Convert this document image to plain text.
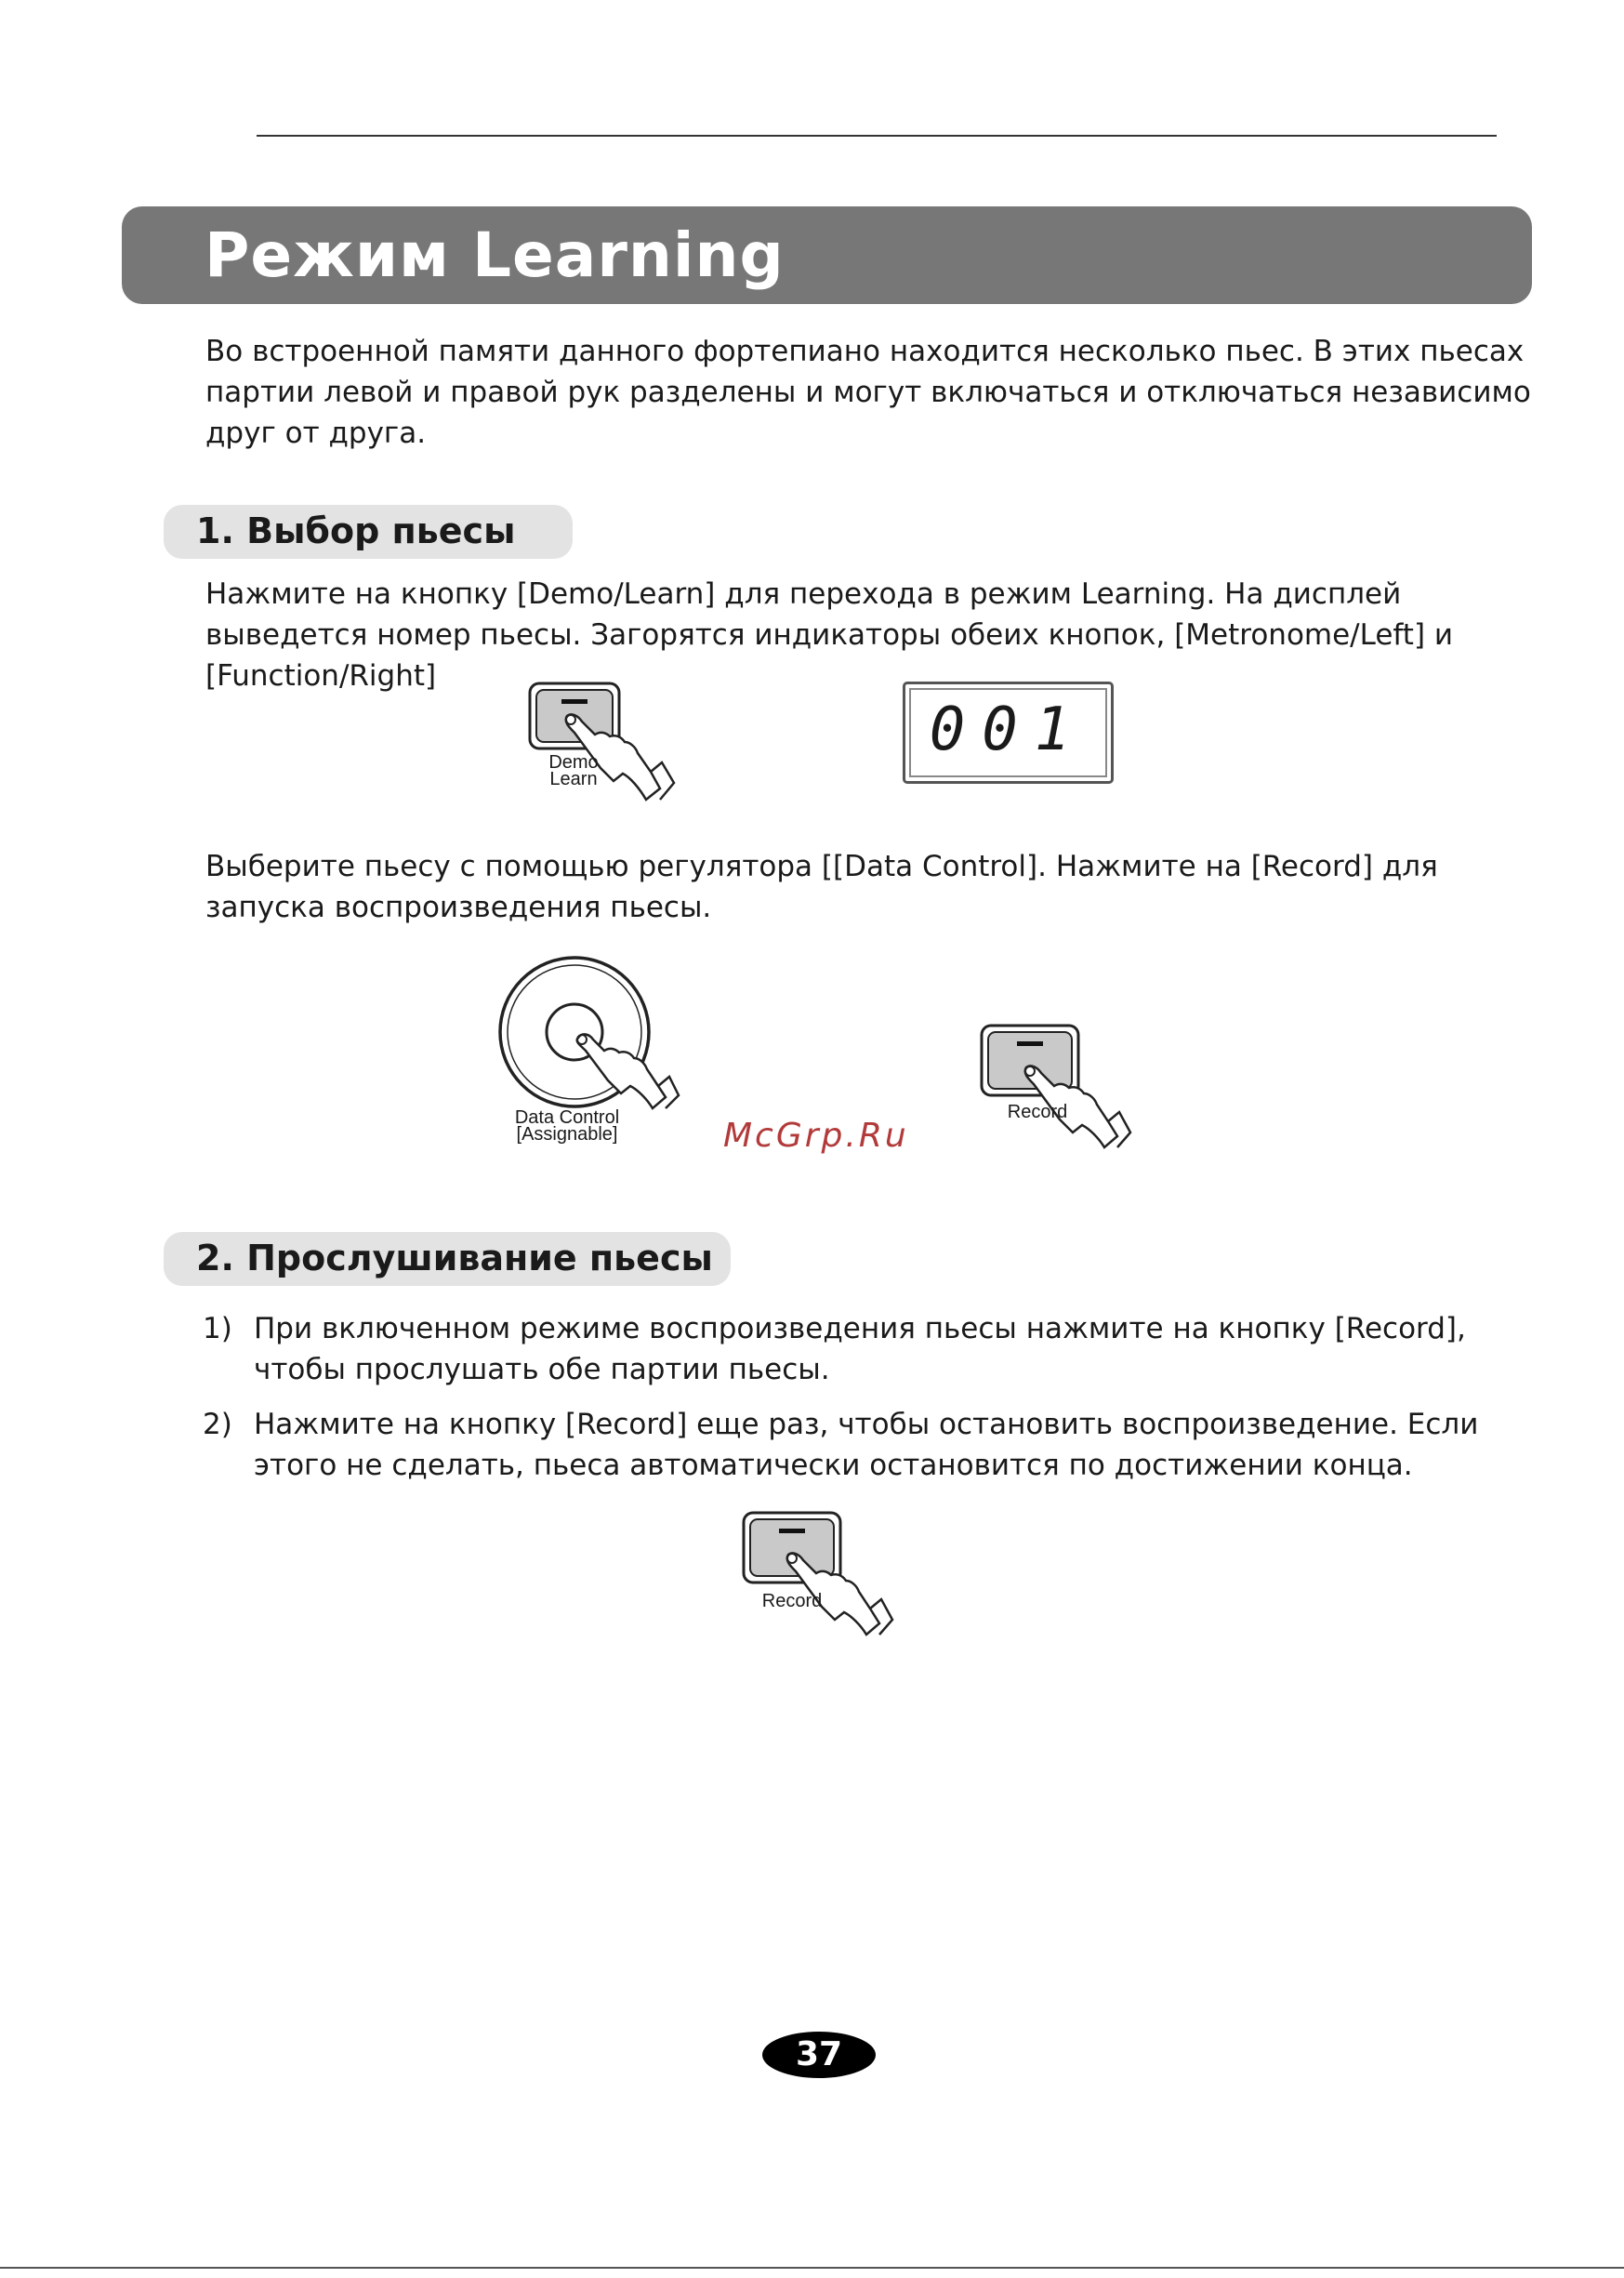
Режим Learning

Во встроенной памяти данного фортепиано находится несколько пьес. В этих пьесах партии левой и правой рук разделены и могут включаться и отключаться независимо друг от друга.

1. Выбор пьесы

Нажмите на кнопку [Demo/Learn] для перехода в режим Learning. На дисплей выведется номер пьесы. Загорятся индикаторы обеих кнопок, [Metronome/Left] и [Function/Right]

Demo
Learn
001

Выберите пьесу с помощью регулятора [[Data Control]. Нажмите на [Record] для запуска воспроизведения пьесы.

Data Control
[Assignable]
Record
McGrp.Ru
2. Прослушивание пьесы

1) При включенном режиме воспроизведения пьесы нажмите на кнопку [Record], чтобы прослушать обе партии пьесы.

2) Нажмите на кнопку [Record] еще раз, чтобы остановить воспроизведение. Если этого не сделать, пьеса автоматически остановится по достижении конца.

Record
37
